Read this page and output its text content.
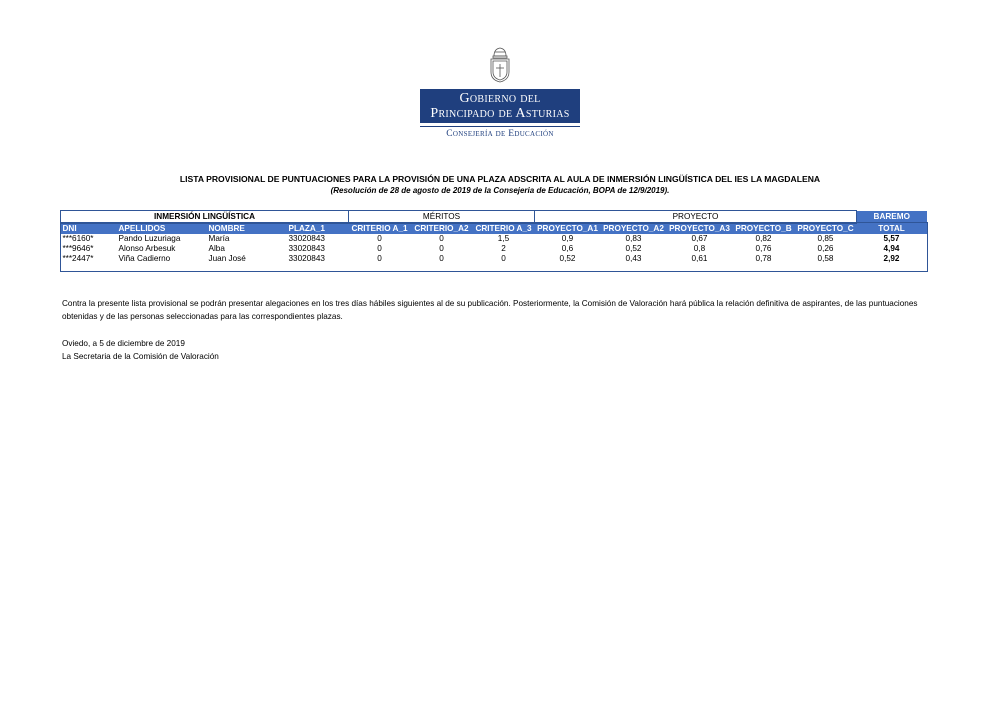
Gobierno del
Principado de Asturias
Consejería de Educación
LISTA PROVISIONAL DE PUNTUACIONES PARA LA PROVISIÓN DE UNA PLAZA ADSCRITA AL AULA DE INMERSIÓN LINGÜÍSTICA DEL IES LA MAGDALENA
(Resolución de 28 de agosto de 2019 de la Consejeria de Educación, BOPA de 12/9/2019).
INMERSIÓN LINGÜÍSTICA				MÉRITOS			PROYECTO					BAREMO
DNI	APELLIDOS	NOMBRE	PLAZA_1	CRITERIO A_1	CRITERIO_A2	CRITERIO A_3	PROYECTO_A1	PROYECTO_A2	PROYECTO_A3	PROYECTO_B	PROYECTO_C	TOTAL
***6160*	Pando Luzuriaga	María	33020843	0	0	1,5	0,9	0,83	0,67	0,82	0,85	5,57
***9646*	Alonso Arbesuk	Alba	33020843	0	0	2	0,6	0,52	0,8	0,76	0,26	4,94
***2447*	Viña Cadierno	Juan José	33020843	0	0	0	0,52	0,43	0,61	0,78	0,58	2,92
Contra la presente lista provisional se podrán presentar alegaciones en los tres días hábiles siguientes al de su publicación. Posteriormente, la Comisión de Valoración hará pública la relación definitiva de aspirantes, de las puntuaciones obtenidas y de las personas seleccionadas para las correspondientes plazas.
Oviedo, a 5 de diciembre de 2019
La Secretaria de la Comisión de Valoración
